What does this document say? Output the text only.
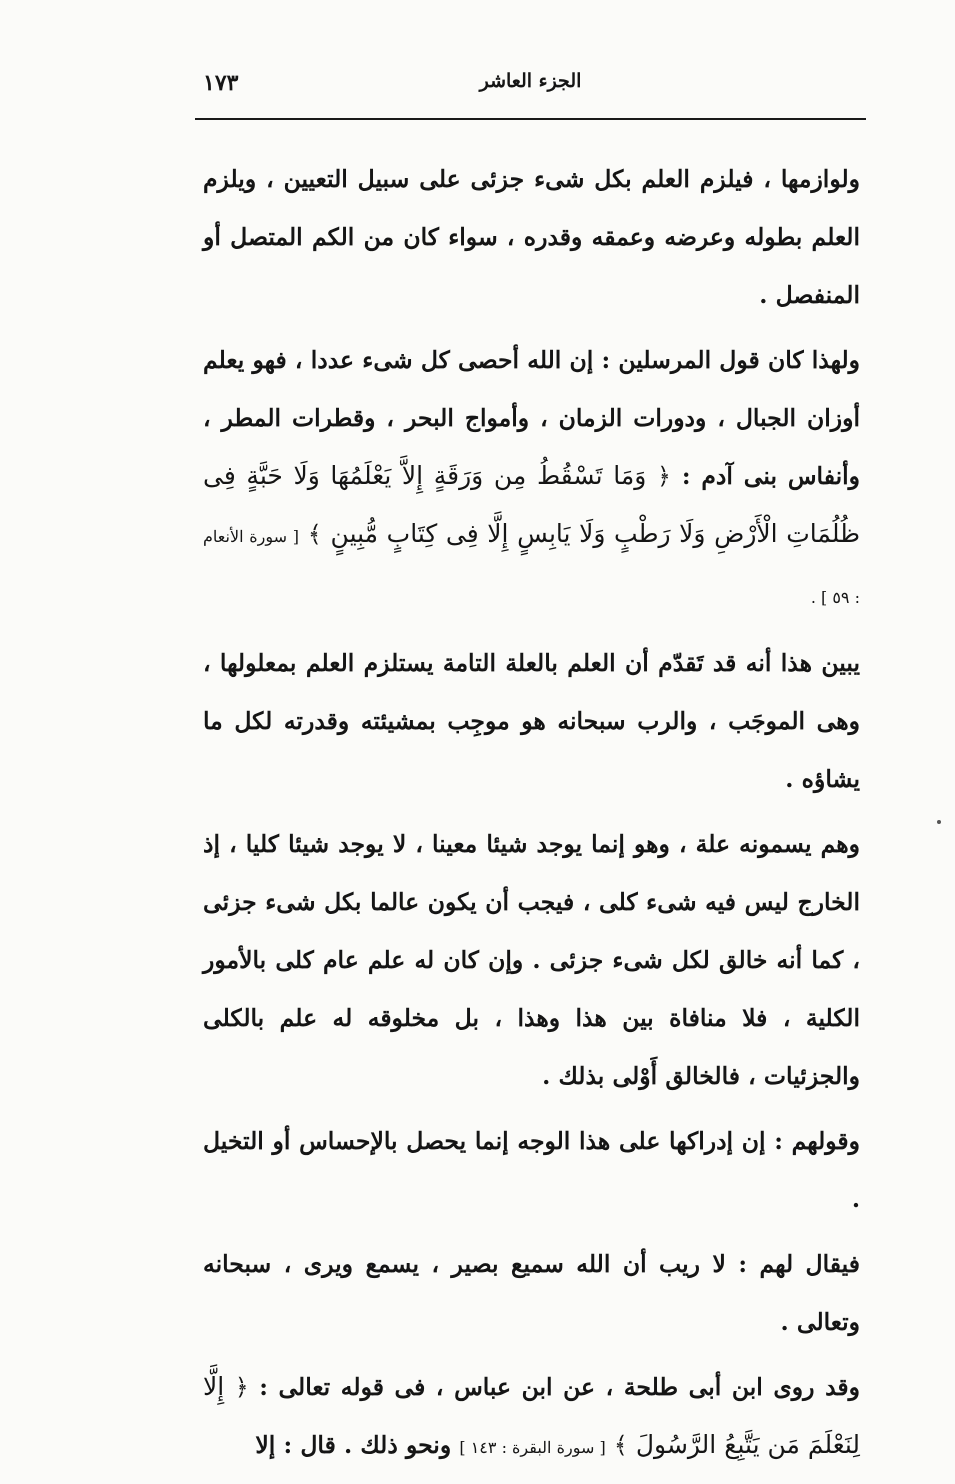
١٧٣	الجزء العاشر

ولوازمها ، فيلزم العلم بكل شىء جزئى على سبيل التعيين ، ويلزم العلم بطوله وعرضه وعمقه وقدره ، سواء كان من الكم المتصل أو المنفصل .

ولهذا كان قول المرسلين : إن الله أحصى كل شىء عددا ، فهو يعلم أوزان الجبال ، ودورات الزمان ، وأمواج البحر ، وقطرات المطر ، وأنفاس بنى آدم : ﴿ وَمَا تَسْقُطُ مِن وَرَقَةٍ إِلاَّ يَعْلَمُهَا وَلَا حَبَّةٍ فِى ظُلُمَاتِ الْأَرْضِ وَلَا رَطْبٍ وَلَا يَابِسٍ إِلَّا فِى كِتَابٍ مُّبِينٍ ﴾ [ سورة الأنعام : ٥٩ ] .

يبين هذا أنه قد تَقدّم أن العلم بالعلة التامة يستلزم العلم بمعلولها ، وهى الموجَب ، والرب سبحانه هو موجِب بمشيئته وقدرته لكل ما يشاؤه .

وهم يسمونه علة ، وهو إنما يوجد شيئا معينا ، لا يوجد شيئا كليا ، إذ الخارج ليس فيه شىء كلى ، فيجب أن يكون عالما بكل شىء جزئى ، كما أنه خالق لكل شىء جزئى . وإن كان له علم عام كلى بالأمور الكلية ، فلا منافاة بين هذا وهذا ، بل مخلوقه له علم بالكلى والجزئيات ، فالخالق أَوْلى بذلك .

وقولهم : إن إدراكها على هذا الوجه إنما يحصل بالإحساس أو التخيل .

فيقال لهم : لا ريب أن الله سميع بصير ، يسمع ويرى ، سبحانه وتعالى .

وقد روى ابن أبى طلحة ، عن ابن عباس ، فى قوله تعالى : ﴿ إِلَّا لِنَعْلَمَ مَن يَتَّبِعُ الرَّسُولَ ﴾ [ سورة البقرة : ١٤٣ ] ونحو ذلك . قال : إلا
